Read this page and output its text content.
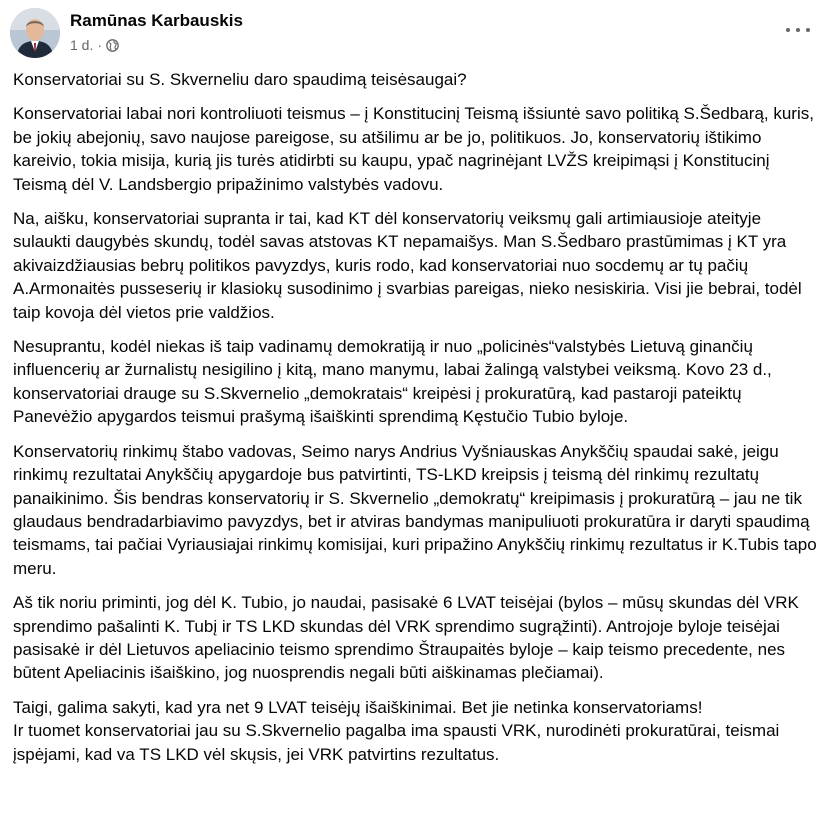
Ramūnas Karbauskis
1 d. ·

Konservatoriai su S. Skverneliu daro spaudimą teisėsaugai?

Konservatoriai labai nori kontroliuoti teismus – į Konstitucinį Teismą išsiuntė savo politiką S.Šedbarą, kuris, be jokių abejonių, savo naujose pareigose, su atšilimu ar be jo, politikuos. Jo, konservatorių ištikimo kareivio, tokia misija, kurią jis turės atidirbti su kaupu, ypač nagrinėjant LVŽS kreipimąsi į Konstitucinį Teismą dėl V. Landsbergio pripažinimo valstybės vadovu.

Na, aišku, konservatoriai supranta ir tai, kad KT dėl konservatorių veiksmų gali artimiausioje ateityje sulaukti daugybės skundų, todėl savas atstovas KT nepamaišys. Man S.Šedbaro prastūmimas į KT yra akivaizdžiausias bebrų politikos pavyzdys, kuris rodo, kad konservatoriai nuo socdemų ar tų pačių A.Armonaitės pusseserių ir klasiokų susodinimo į svarbias pareigas, nieko nesiskiria. Visi jie bebrai, todėl taip kovoja dėl vietos prie valdžios.

Nesuprantu, kodėl niekas iš taip vadinamų demokratiją ir nuo „policinės“valstybės Lietuvą ginančių influencerių ar žurnalistų nesigilino į kitą, mano manymu, labai žalingą valstybei veiksmą. Kovo 23 d., konservatoriai drauge su S.Skvernelio „demokratais“ kreipėsi į prokuratūrą, kad pastaroji pateiktų Panevėžio apygardos teismui prašymą išaiškinti sprendimą Kęstučio Tubio byloje.

Konservatorių rinkimų štabo vadovas, Seimo narys Andrius Vyšniauskas Anykščių spaudai sakė, jeigu rinkimų rezultatai Anykščių apygardoje bus patvirtinti, TS-LKD kreipsis į teismą dėl rinkimų rezultatų panaikinimo. Šis bendras konservatorių ir S. Skvernelio „demokratų“ kreipimasis į prokuratūrą – jau ne tik glaudaus bendradarbiavimo pavyzdys, bet ir atviras bandymas manipuliuoti prokuratūra ir daryti spaudimą teismams, tai pačiai Vyriausiajai rinkimų komisijai, kuri pripažino Anykščių rinkimų rezultatus ir K.Tubis tapo meru.

Aš tik noriu priminti, jog dėl K. Tubio, jo naudai, pasisakė 6 LVAT teisėjai (bylos – mūsų skundas dėl VRK sprendimo pašalinti K. Tubį ir TS LKD skundas dėl VRK sprendimo sugrąžinti). Antrojoje byloje teisėjai pasisakė ir dėl Lietuvos apeliacinio teismo sprendimo Štraupaitės byloje – kaip teismo precedente, nes būtent Apeliacinis išaiškino, jog nuosprendis negali būti aiškinamas plečiamai).

Taigi, galima sakyti, kad yra net 9 LVAT teisėjų išaiškinimai. Bet jie netinka konservatoriams!
Ir tuomet konservatoriai jau su S.Skvernelio pagalba ima spausti VRK, nurodinėti prokuratūrai, teismai įspėjami, kad va TS LKD vėl skųsis, jei VRK patvirtins rezultatus.
